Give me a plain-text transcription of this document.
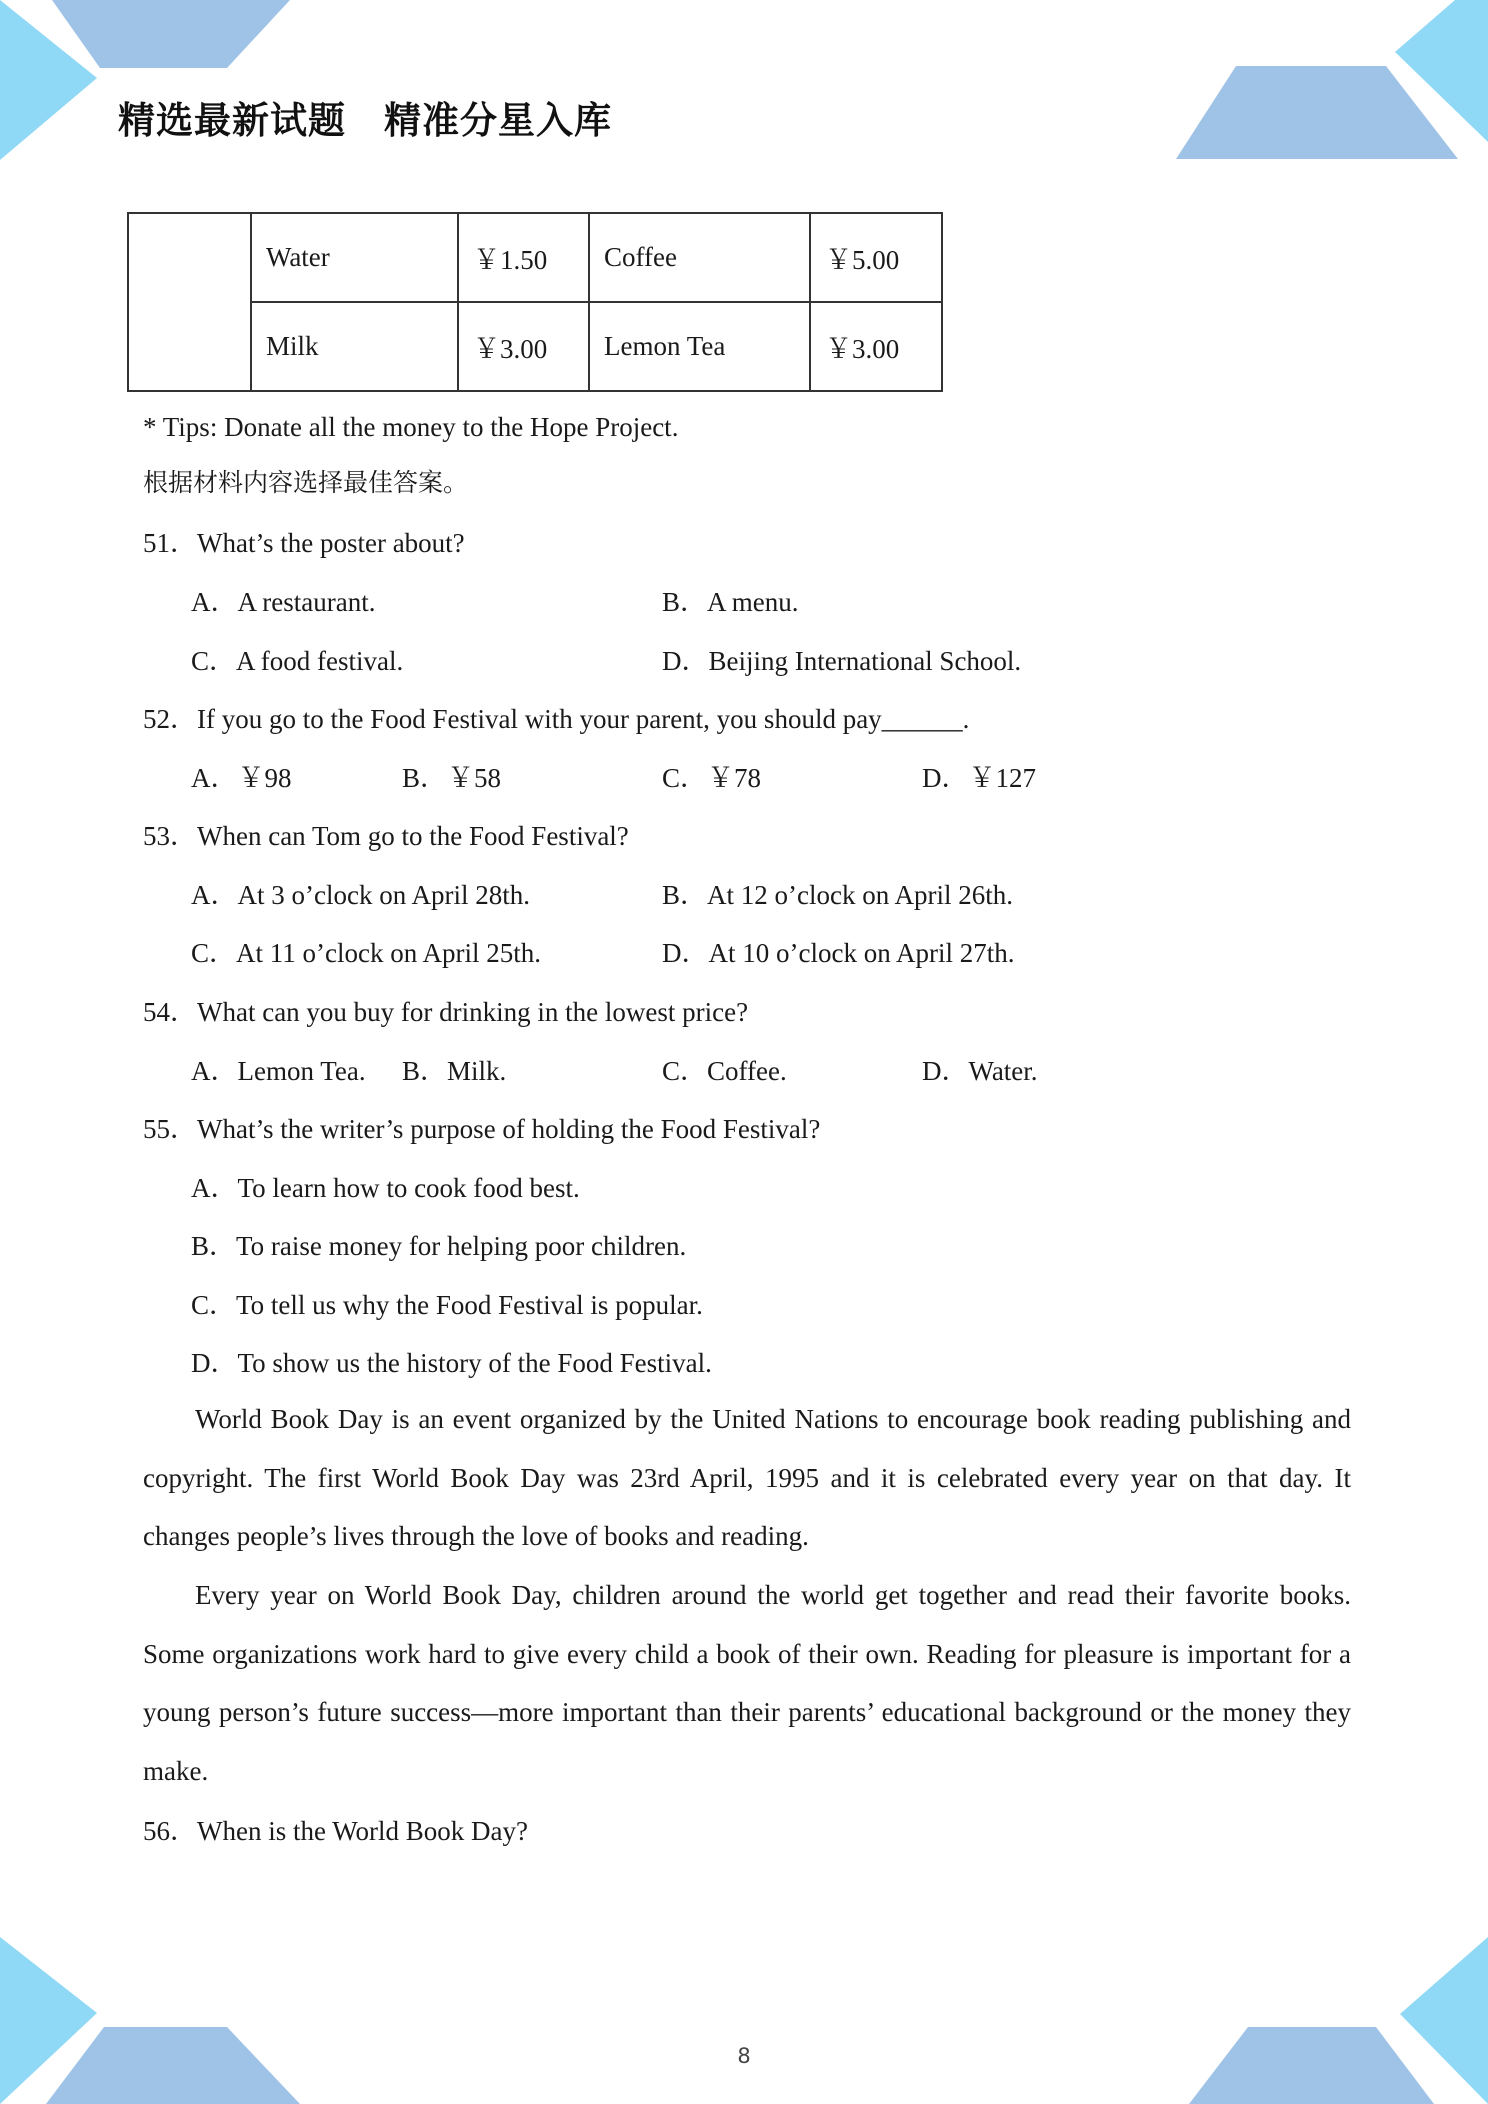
精选最新试题　精准分星入库
	Water	￥1.50	Coffee	￥5.00
	Milk	￥3.00	Lemon Tea	￥3.00
* Tips: Donate all the money to the Hope Project.
根据材料内容选择最佳答案。
51．What’s the poster about?
A．A restaurant.	B．A menu.
C．A food festival.	D．Beijing International School.
52．If you go to the Food Festival with your parent, you should pay______.
A．￥98	B．￥58	C．￥78	D．￥127
53．When can Tom go to the Food Festival?
A．At 3 o’clock on April 28th.	B．At 12 o’clock on April 26th.
C．At 11 o’clock on April 25th.	D．At 10 o’clock on April 27th.
54．What can you buy for drinking in the lowest price?
A．Lemon Tea. B．Milk.	C．Coffee.	D．Water.
55．What’s the writer’s purpose of holding the Food Festival?
A．To learn how to cook food best.
B．To raise money for helping poor children.
C．To tell us why the Food Festival is popular.
D．To show us the history of the Food Festival.
World Book Day is an event organized by the United Nations to encourage book reading publishing and copyright. The first World Book Day was 23rd April, 1995 and it is celebrated every year on that day. It changes people’s lives through the love of books and reading.
Every year on World Book Day, children around the world get together and read their favorite books. Some organizations work hard to give every child a book of their own. Reading for pleasure is important for a young person’s future success—more important than their parents’ educational background or the money they make.
56．When is the World Book Day?
8
